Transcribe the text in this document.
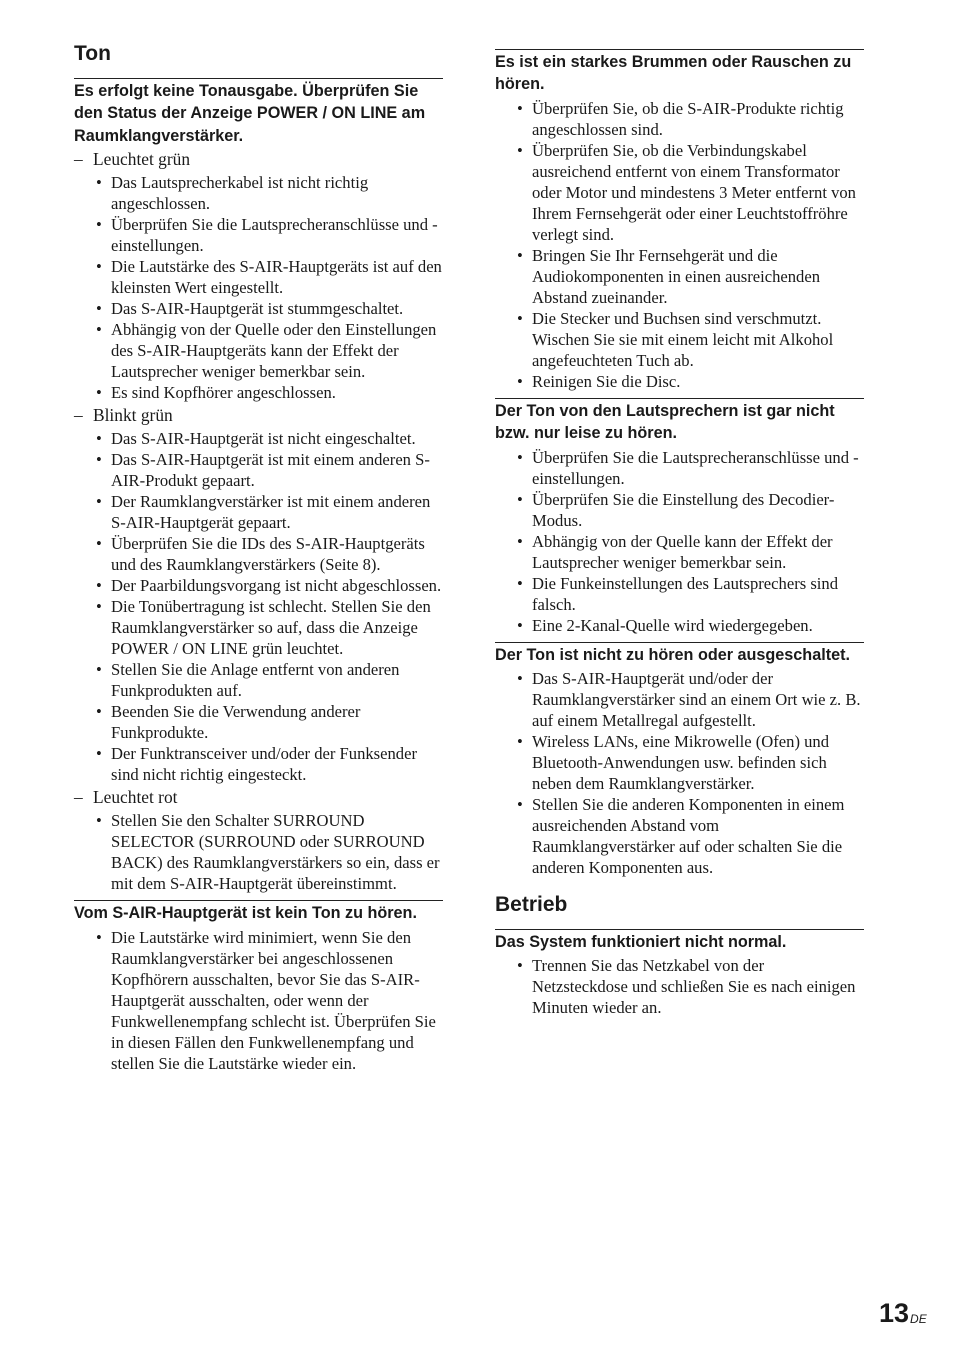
Ton

Es erfolgt keine Tonausgabe. Überprüfen Sie den Status der Anzeige POWER / ON LINE am Raumklangverstärker.

– Leuchtet grün
• Das Lautsprecherkabel ist nicht richtig angeschlossen.
• Überprüfen Sie die Lautsprecheranschlüsse und -einstellungen.
• Die Lautstärke des S-AIR-Hauptgeräts ist auf den kleinsten Wert eingestellt.
• Das S-AIR-Hauptgerät ist stummgeschaltet.
• Abhängig von der Quelle oder den Einstellungen des S-AIR-Hauptgeräts kann der Effekt der Lautsprecher weniger bemerkbar sein.
• Es sind Kopfhörer angeschlossen.
– Blinkt grün
• Das S-AIR-Hauptgerät ist nicht eingeschaltet.
• Das S-AIR-Hauptgerät ist mit einem anderen S-AIR-Produkt gepaart.
• Der Raumklangverstärker ist mit einem anderen S-AIR-Hauptgerät gepaart.
• Überprüfen Sie die IDs des S-AIR-Hauptgeräts und des Raumklangverstärkers (Seite 8).
• Der Paarbildungsvorgang ist nicht abgeschlossen.
• Die Tonübertragung ist schlecht. Stellen Sie den Raumklangverstärker so auf, dass die Anzeige POWER / ON LINE grün leuchtet.
• Stellen Sie die Anlage entfernt von anderen Funkprodukten auf.
• Beenden Sie die Verwendung anderer Funkprodukte.
• Der Funktransceiver und/oder der Funksender sind nicht richtig eingesteckt.
– Leuchtet rot
• Stellen Sie den Schalter SURROUND SELECTOR (SURROUND oder SURROUND BACK) des Raumklangverstärkers so ein, dass er mit dem S-AIR-Hauptgerät übereinstimmt.

Vom S-AIR-Hauptgerät ist kein Ton zu hören.

• Die Lautstärke wird minimiert, wenn Sie den Raumklangverstärker bei angeschlossenen Kopfhörern ausschalten, bevor Sie das S-AIR-Hauptgerät ausschalten, oder wenn der Funkwellenempfang schlecht ist. Überprüfen Sie in diesen Fällen den Funkwellenempfang und stellen Sie die Lautstärke wieder ein.

Es ist ein starkes Brummen oder Rauschen zu hören.

• Überprüfen Sie, ob die S-AIR-Produkte richtig angeschlossen sind.
• Überprüfen Sie, ob die Verbindungskabel ausreichend entfernt von einem Transformator oder Motor und mindestens 3 Meter entfernt von Ihrem Fernsehgerät oder einer Leuchtstoffröhre verlegt sind.
• Bringen Sie Ihr Fernsehgerät und die Audiokomponenten in einen ausreichenden Abstand zueinander.
• Die Stecker und Buchsen sind verschmutzt. Wischen Sie sie mit einem leicht mit Alkohol angefeuchteten Tuch ab.
• Reinigen Sie die Disc.

Der Ton von den Lautsprechern ist gar nicht bzw. nur leise zu hören.

• Überprüfen Sie die Lautsprecheranschlüsse und -einstellungen.
• Überprüfen Sie die Einstellung des Decodier-Modus.
• Abhängig von der Quelle kann der Effekt der Lautsprecher weniger bemerkbar sein.
• Die Funkeinstellungen des Lautsprechers sind falsch.
• Eine 2-Kanal-Quelle wird wiedergegeben.

Der Ton ist nicht zu hören oder ausgeschaltet.

• Das S-AIR-Hauptgerät und/oder der Raumklangverstärker sind an einem Ort wie z. B. auf einem Metallregal aufgestellt.
• Wireless LANs, eine Mikrowelle (Ofen) und Bluetooth-Anwendungen usw. befinden sich neben dem Raumklangverstärker.
• Stellen Sie die anderen Komponenten in einem ausreichenden Abstand vom Raumklangverstärker auf oder schalten Sie die anderen Komponenten aus.
Betrieb

Das System funktioniert nicht normal.

• Trennen Sie das Netzkabel von der Netzsteckdose und schließen Sie es nach einigen Minuten wieder an.
13DE
